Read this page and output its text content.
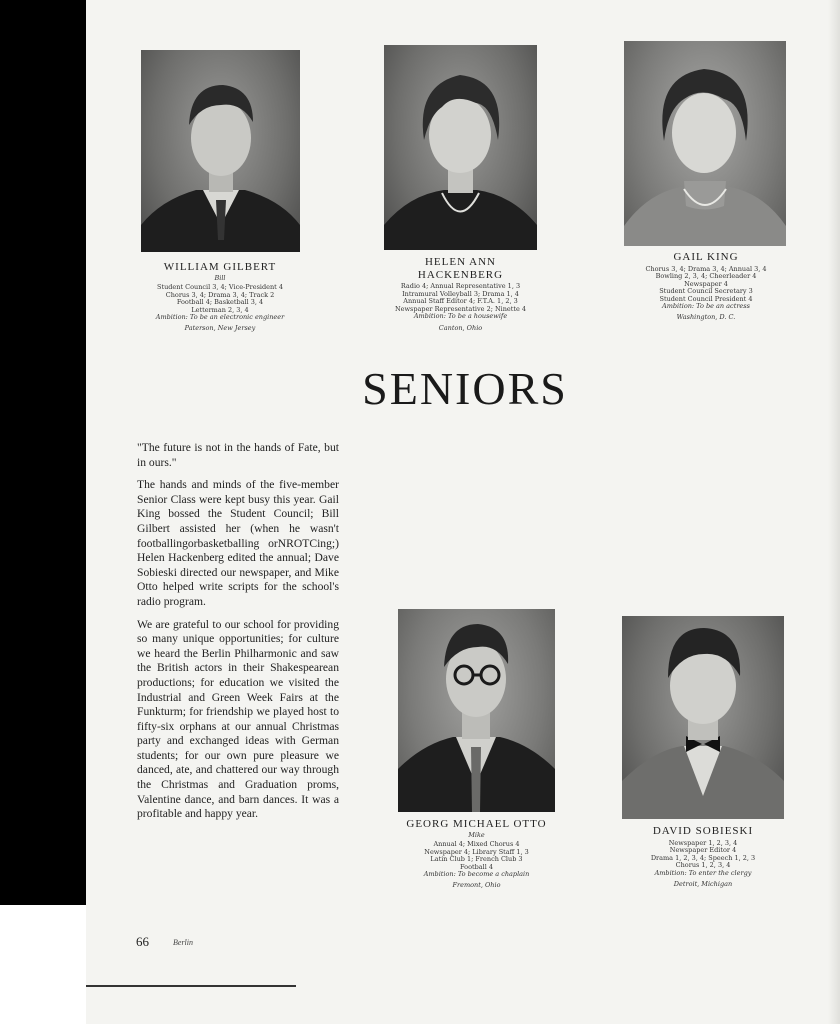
WILLIAM GILBERT
Bill
Student Council 3, 4; Vice-President 4
Chorus 3, 4; Drama 3, 4; Track 2
Football 4; Basketball 3, 4
Letterman 2, 3, 4
Ambition: To be an electronic engineer
Paterson, New Jersey
HELEN ANN HACKENBERG
Radio 4; Annual Representative 1, 3
Intramural Volleyball 3; Drama 1, 4
Annual Staff Editor 4; F.T.A. 1, 2, 3
Newspaper Representative 2; Ninette 4
Ambition: To be a housewife
Canton, Ohio
GAIL KING
Chorus 3, 4; Drama 3, 4; Annual 3, 4
Bowling 2, 3, 4; Cheerleader 4
Newspaper 4
Student Council Secretary 3
Student Council President 4
Ambition: To be an actress
Washington, D. C.
SENIORS

"The future is not in the hands of Fate, but in ours."

The hands and minds of the five-member Senior Class were kept busy this year. Gail King bossed the Student Council; Bill Gilbert assisted her (when he wasn't footballingorbasketballing orNROTCing;) Helen Hackenberg edited the annual; Dave Sobieski directed our newspaper, and Mike Otto helped write scripts for the school's radio program.

We are grateful to our school for providing so many unique opportunities; for culture we heard the Berlin Philharmonic and saw the British actors in their Shakespearean productions; for education we visited the Industrial and Green Week Fairs at the Funkturm; for friendship we played host to fifty-six orphans at our annual Christmas party and exchanged ideas with German students; for our own pure pleasure we danced, ate, and chattered our way through the Christmas and Graduation proms, Valentine dance, and barn dances. It was a profitable and happy year.

GEORG MICHAEL OTTO
Mike
Annual 4; Mixed Chorus 4
Newspaper 4; Library Staff 1, 3
Latin Club 1; French Club 3
Football 4
Ambition: To become a chaplain
Fremont, Ohio
DAVID SOBIESKI
Newspaper 1, 2, 3, 4
Newspaper Editor 4
Drama 1, 2, 3, 4; Speech 1, 2, 3
Chorus 1, 2, 3, 4
Ambition: To enter the clergy
Detroit, Michigan
66	Berlin
